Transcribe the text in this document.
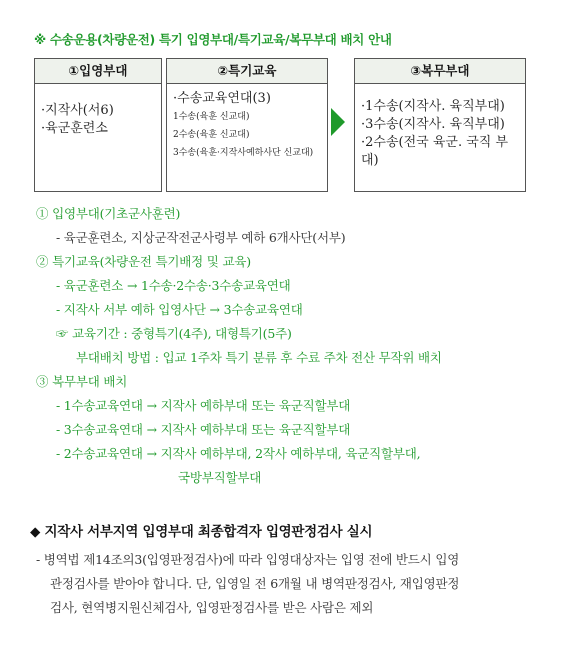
※ 수송운용(차량운전) 특기 입영부대/특기교육/복무부대 배치 안내
①입영부대
·지작사(서6)
·육군훈련소
②특기교육
·수송교육연대(3)
1수송(육훈 신교대)
2수송(육훈 신교대)
3수송(육훈·지작사예하사단 신교대)
③복무부대
·1수송(지작사. 육직부대)
·3수송(지작사. 육직부대)
·2수송(전국 육군. 국직 부대)
① 입영부대(기초군사훈련)
- 육군훈련소, 지상군작전군사령부 예하 6개사단(서부)
② 특기교육(차량운전 특기배정 및 교육)
- 육군훈련소 → 1수송·2수송·3수송교육연대
- 지작사 서부 예하 입영사단 → 3수송교육연대
☞ 교육기간 : 중형특기(4주), 대형특기(5주)
부대배치 방법 : 입교 1주차 특기 분류 후 수료 주차 전산 무작위 배치
③ 복무부대 배치
- 1수송교육연대 → 지작사 예하부대 또는 육군직할부대
- 3수송교육연대 → 지작사 예하부대 또는 육군직할부대
- 2수송교육연대 → 지작사 예하부대, 2작사 예하부대, 육군직할부대,
국방부직할부대
◆ 지작사 서부지역 입영부대 최종합격자 입영판정검사 실시
- 병역법 제14조의3(입영판정검사)에 따라 입영대상자는 입영 전에 반드시 입영
관정검사를 받아야 합니다. 단, 입영일 전 6개월 내 병역판정검사, 재입영판정
검사, 현역병지원신체검사, 입영판정검사를 받은 사람은 제외
